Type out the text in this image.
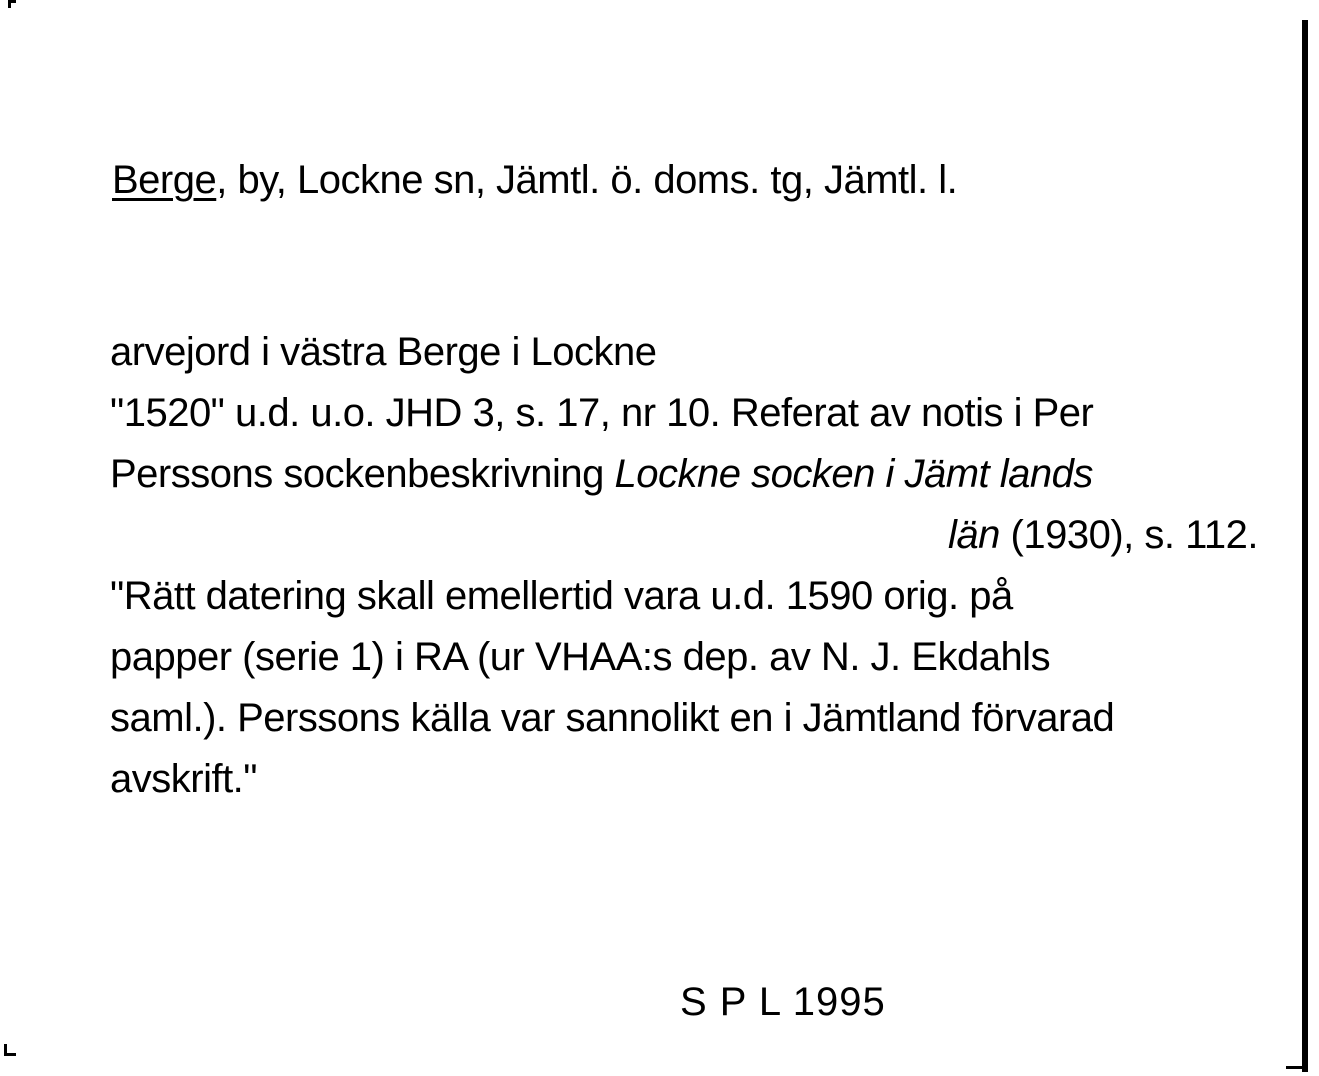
Berge, by, Lockne sn, Jämtl. ö. doms. tg, Jämtl. l.
arvejord i västra Berge i Lockne
"1520" u.d. u.o. JHD 3, s. 17, nr 10. Referat av notis i Per
Perssons sockenbeskrivning Lockne socken i Jämt lands
län (1930), s. 112.
"Rätt datering skall emellertid vara u.d. 1590 orig. på
papper (serie 1) i RA (ur VHAA:s dep. av N. J. Ekdahls
saml.). Perssons källa var sannolikt en i Jämtland förvarad
avskrift."
S P L 1995
